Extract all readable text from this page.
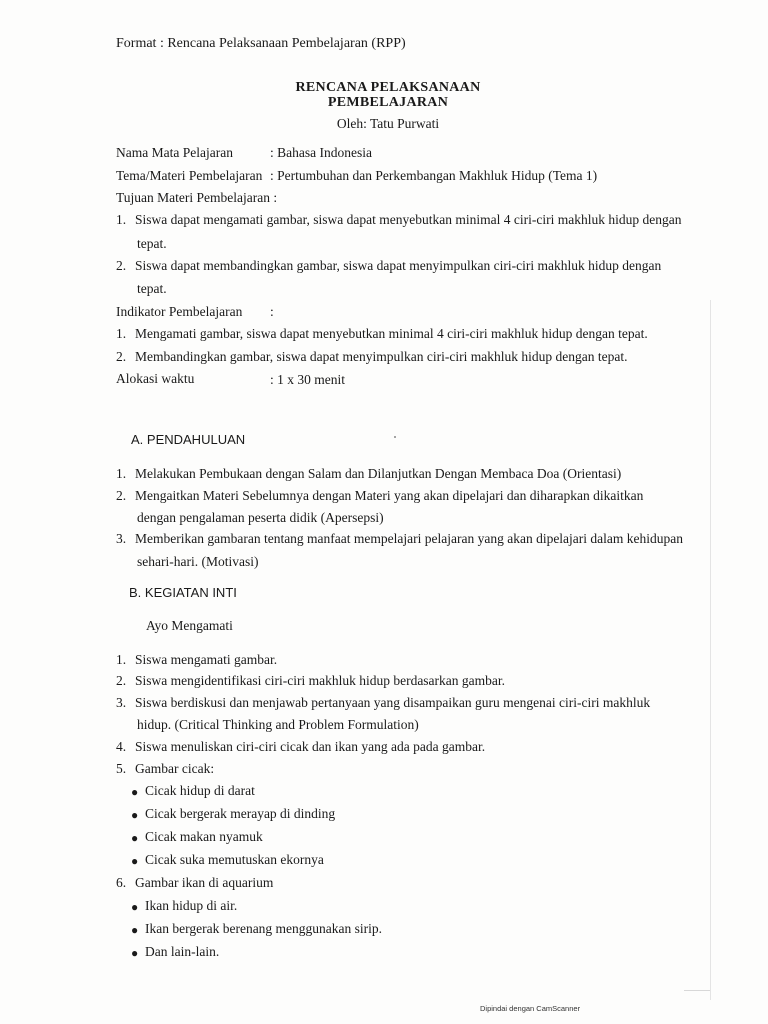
Format : Rencana Pelaksanaan Pembelajaran (RPP)
RENCANA PELAKSANAAN
PEMBELAJARAN
Oleh: Tatu Purwati
Nama Mata Pelajaran	: Bahasa Indonesia
Tema/Materi Pembelajaran : Pertumbuhan dan Perkembangan Makhluk Hidup (Tema 1)
Tujuan Materi Pembelajaran :
1. Siswa dapat mengamati gambar, siswa dapat menyebutkan minimal 4 ciri-ciri makhluk hidup dengan
tepat.
2. Siswa dapat membandingkan gambar, siswa dapat menyimpulkan ciri-ciri makhluk hidup dengan
tepat.
Indikator Pembelajaran :
1. Mengamati gambar, siswa dapat menyebutkan minimal 4 ciri-ciri makhluk hidup dengan tepat.
2. Membandingkan gambar, siswa dapat menyimpulkan ciri-ciri makhluk hidup dengan tepat.
Alokasi waktu	: 1 x 30 menit
A. PENDAHULUAN
1. Melakukan Pembukaan dengan Salam dan Dilanjutkan Dengan Membaca Doa (Orientasi)
2. Mengaitkan Materi Sebelumnya dengan Materi yang akan dipelajari dan diharapkan dikaitkan
dengan pengalaman peserta didik (Apersepsi)
3. Memberikan gambaran tentang manfaat mempelajari pelajaran yang akan dipelajari dalam kehidupan
sehari-hari. (Motivasi)
B. KEGIATAN INTI
Ayo Mengamati
1. Siswa mengamati gambar.
2. Siswa mengidentifikasi ciri-ciri makhluk hidup berdasarkan gambar.
3. Siswa berdiskusi dan menjawab pertanyaan yang disampaikan guru mengenai ciri-ciri makhluk
hidup. (Critical Thinking and Problem Formulation)
4. Siswa menuliskan ciri-ciri cicak dan ikan yang ada pada gambar.
5. Gambar cicak:
● Cicak hidup di darat
● Cicak bergerak merayap di dinding
● Cicak makan nyamuk
● Cicak suka memutuskan ekornya
6. Gambar ikan di aquarium
● Ikan hidup di air.
● Ikan bergerak berenang menggunakan sirip.
● Dan lain-lain.
Dipindai dengan CamScanner
